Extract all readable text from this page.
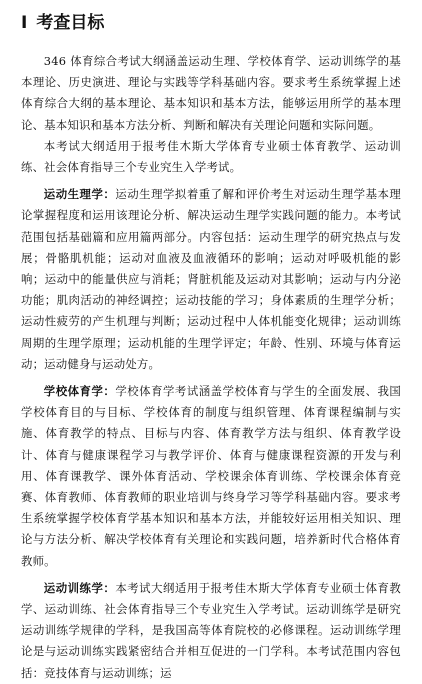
I 考查目标

346 体育综合考试大纲涵盖运动生理、学校体育学、运动训练学的基本理论、历史演进、理论与实践等学科基础内容。要求考生系统掌握上述体育综合大纲的基本理论、基本知识和基本方法，能够运用所学的基本理论、基本知识和基本方法分析、判断和解决有关理论问题和实际问题。

本考试大纲适用于报考佳木斯大学体育专业硕士体育教学、运动训练、社会体育指导三个专业究生入学考试。

运动生理学：运动生理学拟着重了解和评价考生对运动生理学基本理论掌握程度和运用该理论分析、解决运动生理学实践问题的能力。本考试范围包括基础篇和应用篇两部分。内容包括：运动生理学的研究热点与发展；骨骼肌机能；运动对血液及血液循环的影响；运动对呼吸机能的影响；运动中的能量供应与消耗；肾脏机能及运动对其影响；运动与内分泌功能；肌肉活动的神经调控；运动技能的学习；身体素质的生理学分析；运动性疲劳的产生机理与判断；运动过程中人体机能变化规律；运动训练周期的生理学原理；运动机能的生理学评定；年龄、性别、环境与体育运动；运动健身与运动处方。

学校体育学：学校体育学考试涵盖学校体育与学生的全面发展、我国学校体育目的与目标、学校体育的制度与组织管理、体育课程编制与实施、体育教学的特点、目标与内容、体育教学方法与组织、体育教学设计、体育与健康课程学习与教学评价、体育与健康课程资源的开发与利用、体育课教学、课外体育活动、学校课余体育训练、学校课余体育竞赛、体育教师、体育教师的职业培训与终身学习等学科基础内容。要求考生系统掌握学校体育学基本知识和基本方法，并能较好运用相关知识、理论与方法分析、解决学校体育有关理论和实践问题，培养新时代合格体育教师。

运动训练学：本考试大纲适用于报考佳木斯大学体育专业硕士体育教学、运动训练、社会体育指导三个专业究生入学考试。运动训练学是研究运动训练学规律的学科，是我国高等体育院校的必修课程。运动训练学理论是与运动训练实践紧密结合并相互促进的一门学科。本考试范围内容包括：竞技体育与运动训练；运
